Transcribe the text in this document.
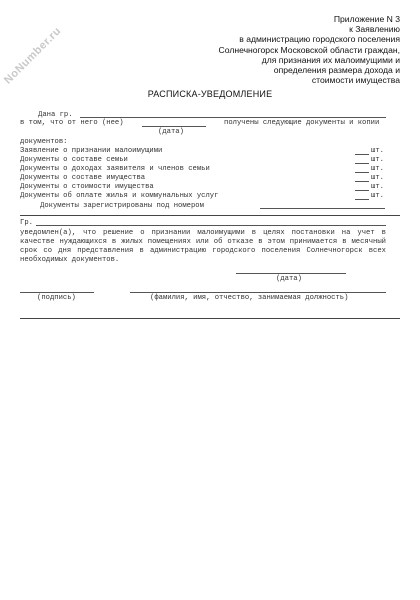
NoNumber.ru
Приложение N 3
к Заявлению
в администрацию городского поселения
Солнечногорск Московской области граждан,
для признания их малоимущими и
определения размера дохода и
стоимости имущества
РАСПИСКА-УВЕДОМЛЕНИЕ
Дана гр.
в том, что от него (нее)	получены следующие документы и копии
(дата)
документов:
Заявление о признании малоимущими	шт.
Документы о составе семьи	шт.
Документы о доходах заявителя и членов семьи	шт.
Документы о составе имущества	шт.
Документы о стоимости имущества	шт.
Документы об оплате жилья и коммунальных услуг	шт.
Документы зарегистрированы под номером
Гр.
уведомлен(а), что решение о признании малоимущими в целях постановки на учет в качестве нуждающихся в жилых помещениях или об отказе в этом принимается в месячный срок со дня представления в администрацию городского поселения Солнечногорск всех необходимых документов.
(дата)
(подпись)	(фамилия, имя, отчество, занимаемая должность)
